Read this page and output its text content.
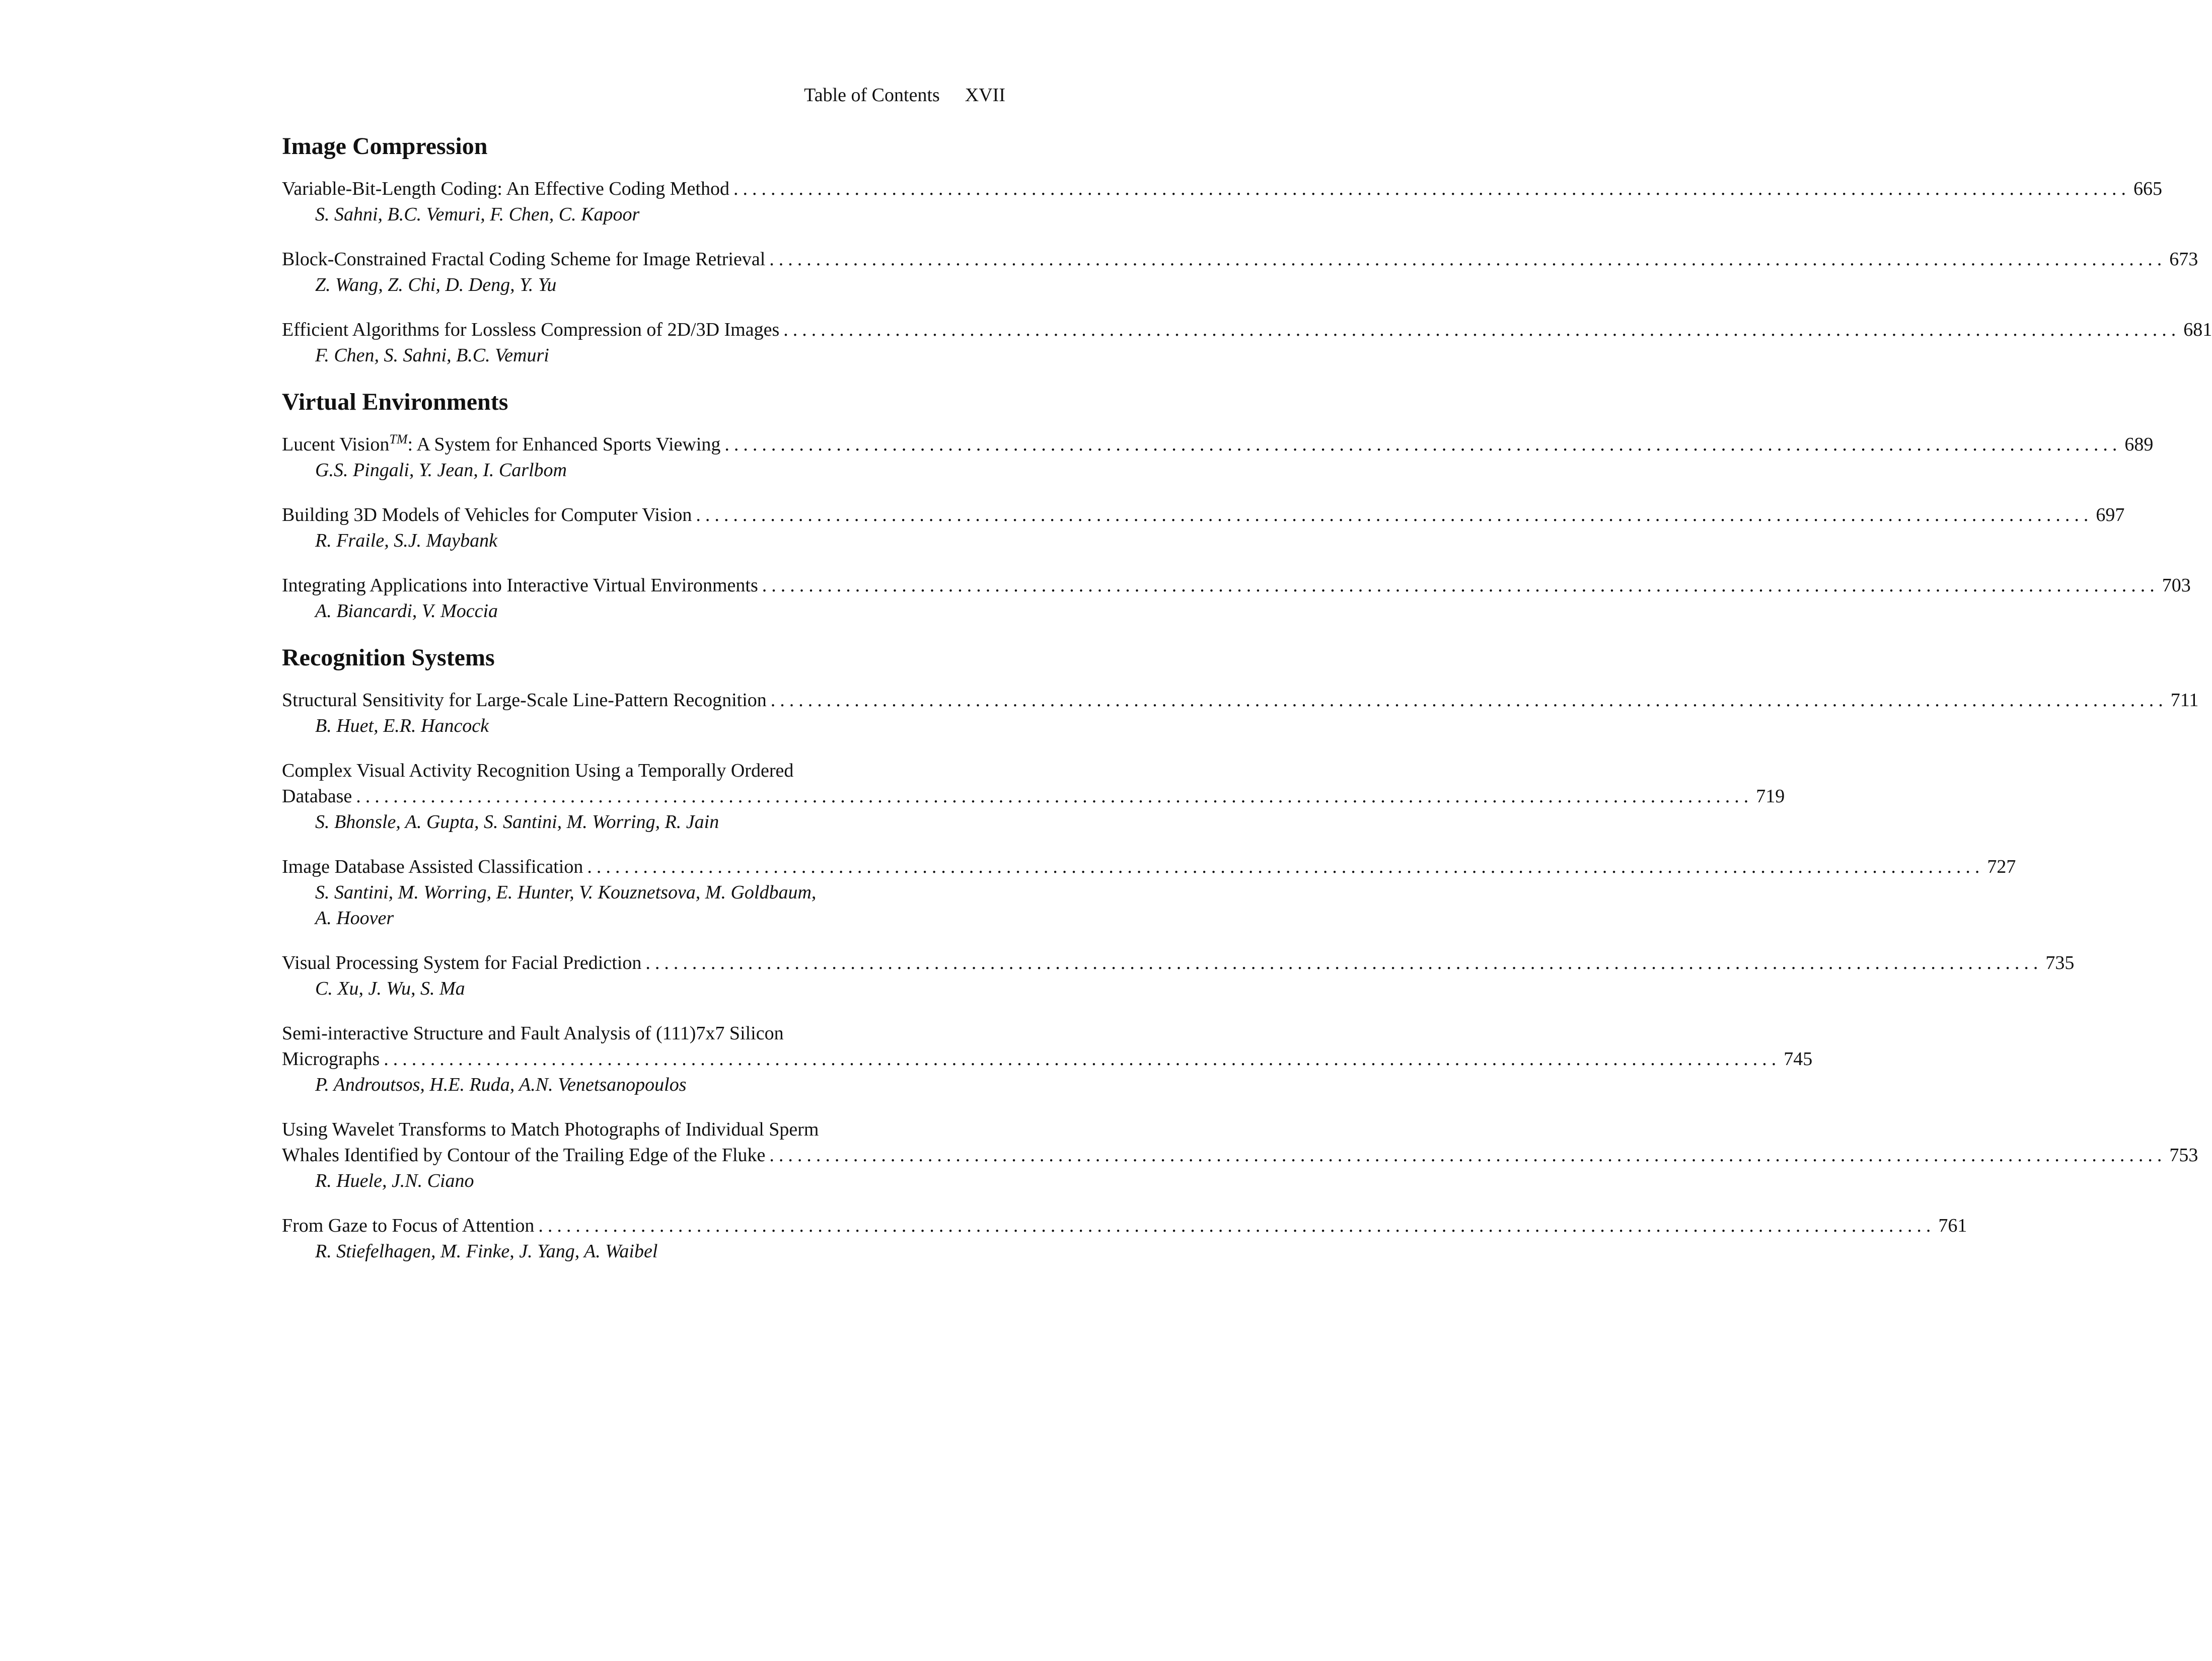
Table of Contents XVII
Image Compression
Variable-Bit-Length Coding: An Effective Coding Method ...................................................................................................................................................... 665
S. Sahni, B.C. Vemuri, F. Chen, C. Kapoor
Block-Constrained Fractal Coding Scheme for Image Retrieval ...................................................................................................................................................... 673
Z. Wang, Z. Chi, D. Deng, Y. Yu
Efficient Algorithms for Lossless Compression of 2D/3D Images ...................................................................................................................................................... 681
F. Chen, S. Sahni, B.C. Vemuri
Virtual Environments
Lucent Vision™: A System for Enhanced Sports Viewing ...................................................................................................................................................... 689
G.S. Pingali, Y. Jean, I. Carlbom
Building 3D Models of Vehicles for Computer Vision ...................................................................................................................................................... 697
R. Fraile, S.J. Maybank
Integrating Applications into Interactive Virtual Environments ...................................................................................................................................................... 703
A. Biancardi, V. Moccia
Recognition Systems
Structural Sensitivity for Large-Scale Line-Pattern Recognition ...................................................................................................................................................... 711
B. Huet, E.R. Hancock
Complex Visual Activity Recognition Using a Temporally Ordered
Database ...................................................................................................................................................... 719
S. Bhonsle, A. Gupta, S. Santini, M. Worring, R. Jain
Image Database Assisted Classification ...................................................................................................................................................... 727
S. Santini, M. Worring, E. Hunter, V. Kouznetsova, M. Goldbaum,
A. Hoover
Visual Processing System for Facial Prediction ...................................................................................................................................................... 735
C. Xu, J. Wu, S. Ma
Semi-interactive Structure and Fault Analysis of (111)7x7 Silicon
Micrographs ...................................................................................................................................................... 745
P. Androutsos, H.E. Ruda, A.N. Venetsanopoulos
Using Wavelet Transforms to Match Photographs of Individual Sperm
Whales Identified by Contour of the Trailing Edge of the Fluke ...................................................................................................................................................... 753
R. Huele, J.N. Ciano
From Gaze to Focus of Attention ...................................................................................................................................................... 761
R. Stiefelhagen, M. Finke, J. Yang, A. Waibel
